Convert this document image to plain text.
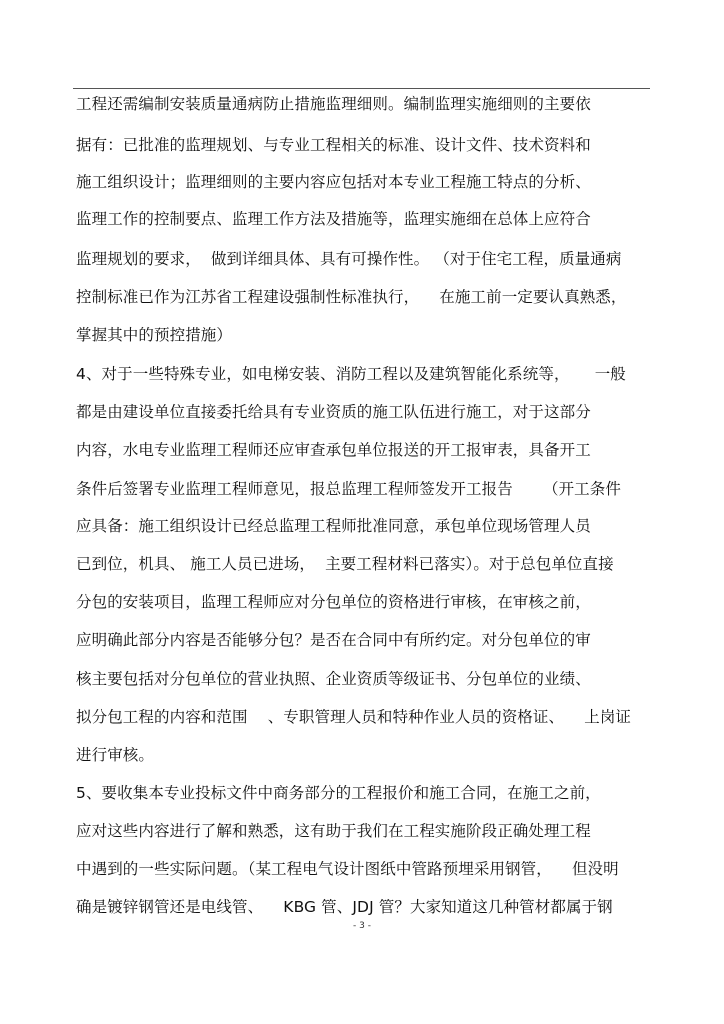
工程还需编制安装质量通病防止措施监理细则。编制监理实施细则的主要依
据有：已批准的监理规划、与专业工程相关的标准、设计文件、技术资料和
施工组织设计；监理细则的主要内容应包括对本专业工程施工特点的分析、
监理工作的控制要点、监理工作方法及措施等，监理实施细在总体上应符合
监理规划的要求，  做到详细具体、具有可操作性。 （对于住宅工程，质量通病
控制标准已作为江苏省工程建设强制性标准执行，    在施工前一定要认真熟悉，
掌握其中的预控措施）
4、对于一些特殊专业，如电梯安装、消防工程以及建筑智能化系统等，     一般
都是由建设单位直接委托给具有专业资质的施工队伍进行施工，对于这部分
内容，水电专业监理工程师还应审查承包单位报送的开工报审表，具备开工
条件后签署专业监理工程师意见，报总监理工程师签发开工报告      （开工条件
应具备：施工组织设计已经总监理工程师批准同意，承包单位现场管理人员
已到位，机具、 施工人员已进场，  主要工程材料已落实）。对于总包单位直接
分包的安装项目，监理工程师应对分包单位的资格进行审核，在审核之前，
应明确此部分内容是否能够分包？是否在合同中有所约定。对分包单位的审
核主要包括对分包单位的营业执照、企业资质等级证书、分包单位的业绩、
拟分包工程的内容和范围    、专职管理人员和特种作业人员的资格证、    上岗证
进行审核。
5、要收集本专业投标文件中商务部分的工程报价和施工合同，在施工之前，
应对这些内容进行了解和熟悉，这有助于我们在工程实施阶段正确处理工程
中遇到的一些实际问题。（某工程电气设计图纸中管路预埋采用钢管，    但没明
确是镀锌钢管还是电线管、    KBG 管、JDJ 管？大家知道这几种管材都属于钢
- 3 -
